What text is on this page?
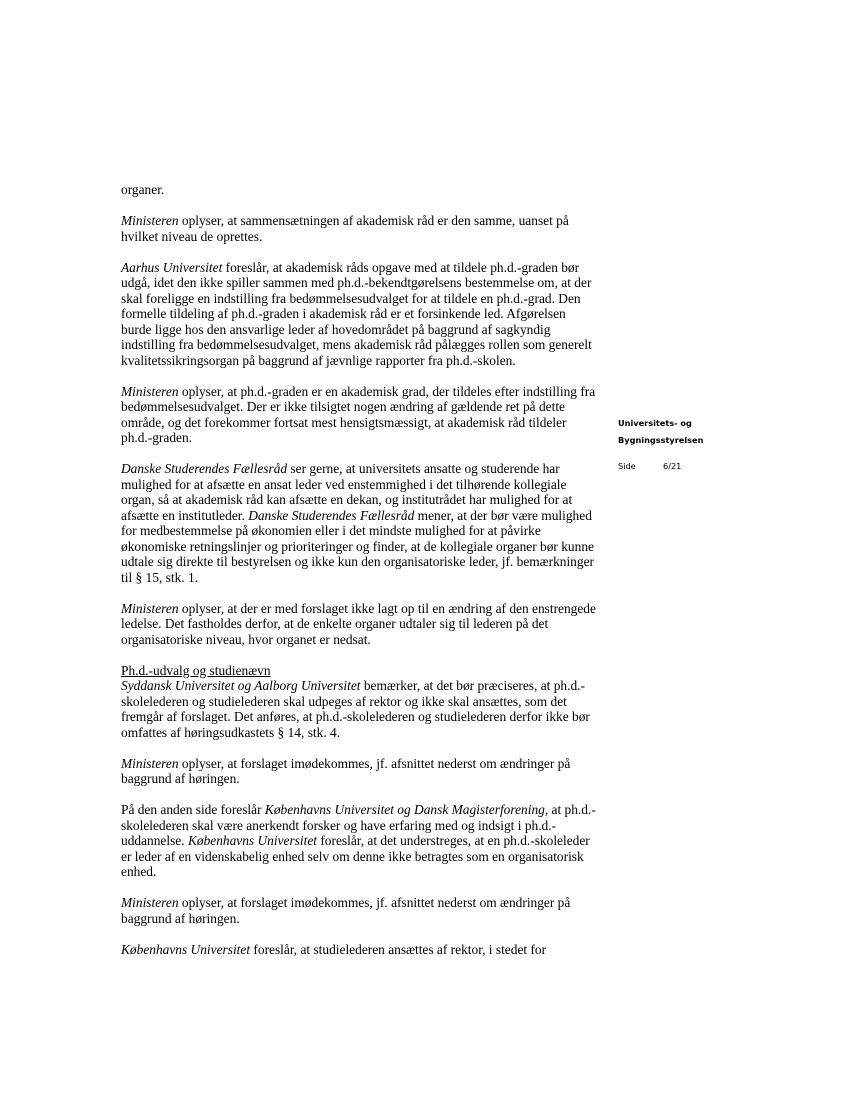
organer.

Ministeren oplyser, at sammensætningen af akademisk råd er den samme, uanset på hvilket niveau de oprettes.

Aarhus Universitet foreslår, at akademisk råds opgave med at tildele ph.d.-graden bør udgå, idet den ikke spiller sammen med ph.d.-bekendtgørelsens bestemmelse om, at der skal foreligge en indstilling fra bedømmelsesudvalget for at tildele en ph.d.-grad. Den formelle tildeling af ph.d.-graden i akademisk råd er et forsinkende led. Afgørelsen burde ligge hos den ansvarlige leder af hovedområdet på baggrund af sagkyndig indstilling fra bedømmelsesudvalget, mens akademisk råd pålægges rollen som generelt kvalitetssikringsorgan på baggrund af jævnlige rapporter fra ph.d.-skolen.

Ministeren oplyser, at ph.d.-graden er en akademisk grad, der tildeles efter indstilling fra bedømmelsesudvalget. Der er ikke tilsigtet nogen ændring af gældende ret på dette område, og det forekommer fortsat mest hensigtsmæssigt, at akademisk råd tildeler ph.d.-graden.

Danske Studerendes Fællesråd ser gerne, at universitets ansatte og studerende har mulighed for at afsætte en ansat leder ved enstemmighed i det tilhørende kollegiale organ, så at akademisk råd kan afsætte en dekan, og institutrådet har mulighed for at afsætte en institutleder. Danske Studerendes Fællesråd mener, at der bør være mulighed for medbestemmelse på økonomien eller i det mindste mulighed for at påvirke økonomiske retningslinjer og prioriteringer og finder, at de kollegiale organer bør kunne udtale sig direkte til bestyrelsen og ikke kun den organisatoriske leder, jf. bemærkninger til § 15, stk. 1.

Ministeren oplyser, at der er med forslaget ikke lagt op til en ændring af den enstrengede ledelse. Det fastholdes derfor, at de enkelte organer udtaler sig til lederen på det organisatoriske niveau, hvor organet er nedsat.

Ph.d.-udvalg og studienævn

Syddansk Universitet og Aalborg Universitet bemærker, at det bør præciseres, at ph.d.-skolelederen og studielederen skal udpeges af rektor og ikke skal ansættes, som det fremgår af forslaget. Det anføres, at ph.d.-skolelederen og studielederen derfor ikke bør omfattes af høringsudkastets § 14, stk. 4.

Ministeren oplyser, at forslaget imødekommes, jf. afsnittet nederst om ændringer på baggrund af høringen.

På den anden side foreslår Københavns Universitet og Dansk Magisterforening, at ph.d.-skolelederen skal være anerkendt forsker og have erfaring med og indsigt i ph.d.-uddannelse. Københavns Universitet foreslår, at det understreges, at en ph.d.-skoleleder er leder af en videnskabelig enhed selv om denne ikke betragtes som en organisatorisk enhed.

Ministeren oplyser, at forslaget imødekommes, jf. afsnittet nederst om ændringer på baggrund af høringen.

Københavns Universitet foreslår, at studielederen ansættes af rektor, i stedet for

Universitets- og
Bygningsstyrelsen
Side	6/21
